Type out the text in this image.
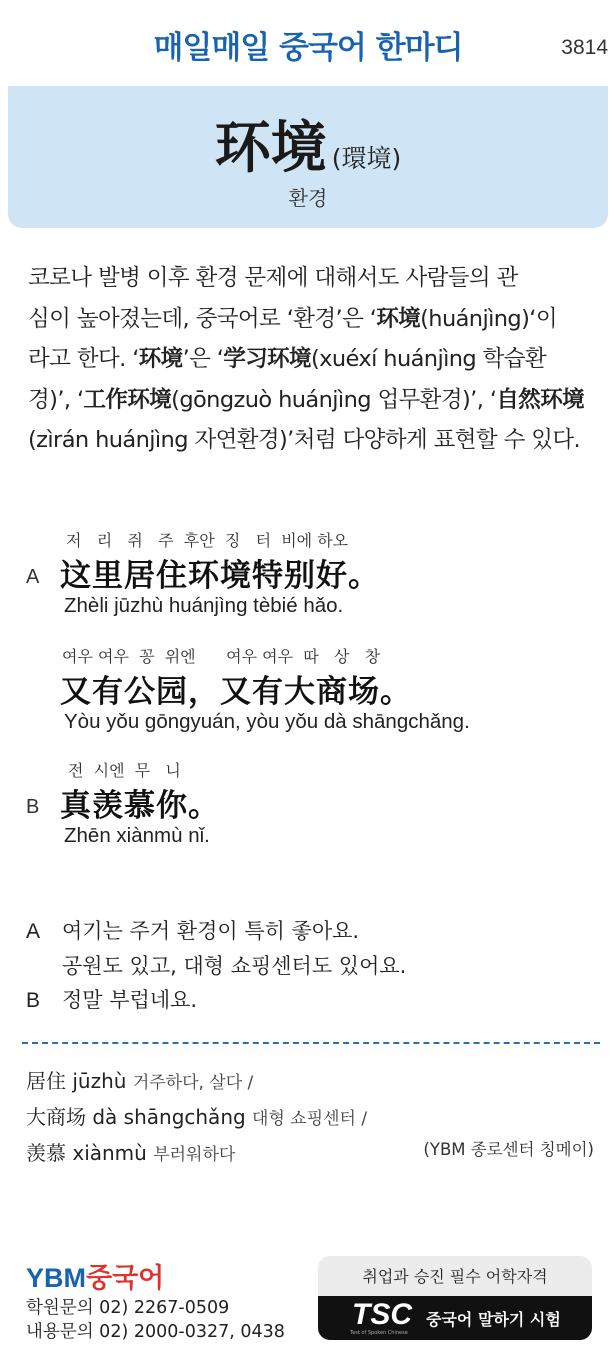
매일매일 중국어 한마디	3814
环境 (環境)
환경
코로나 발병 이후 환경 문제에 대해서도 사람들의 관
심이 높아졌는데, 중국어로 ‘환경’은 ‘环境(huánjìng)‘이
라고 한다. ‘环境’은 ‘学习环境(xuéxí huánjìng 학습환
경)’, ‘工作环境(gōngzuò huánjìng 업무환경)’, ‘自然环境
(zìrán huánjìng 자연환경)’처럼 다양하게 표현할 수 있다.
저   리   쥐   주  후안  징   터  비에 하오
这里居住环境特别好。
Zhèli jūzhù huánjìng tèbié hǎo.
A
여우 여우  꽁  위엔      여우 여우  따   상   창
又有公园，又有大商场。
Yòu yǒu gōngyuán, yòu yǒu dà shāngchǎng.
전  시엔  무   니
真羡慕你。
Zhēn xiànmù nǐ.
B
A 여기는 주거 환경이 특히 좋아요.
공원도 있고, 대형 쇼핑센터도 있어요.
B 정말 부럽네요.
居住 jūzhù 거주하다, 살다 /
大商场 dà shāngchǎng 대형 쇼핑센터 /
羡慕 xiànmù 부러워하다	(YBM 종로센터 칭메이)
YBM중국어
학원문의 02) 2267-0509
내용문의 02) 2000-0327, 0438
취업과 승진 필수 어학자격
TSC
Test of Spoken Chinese
중국어 말하기 시험
